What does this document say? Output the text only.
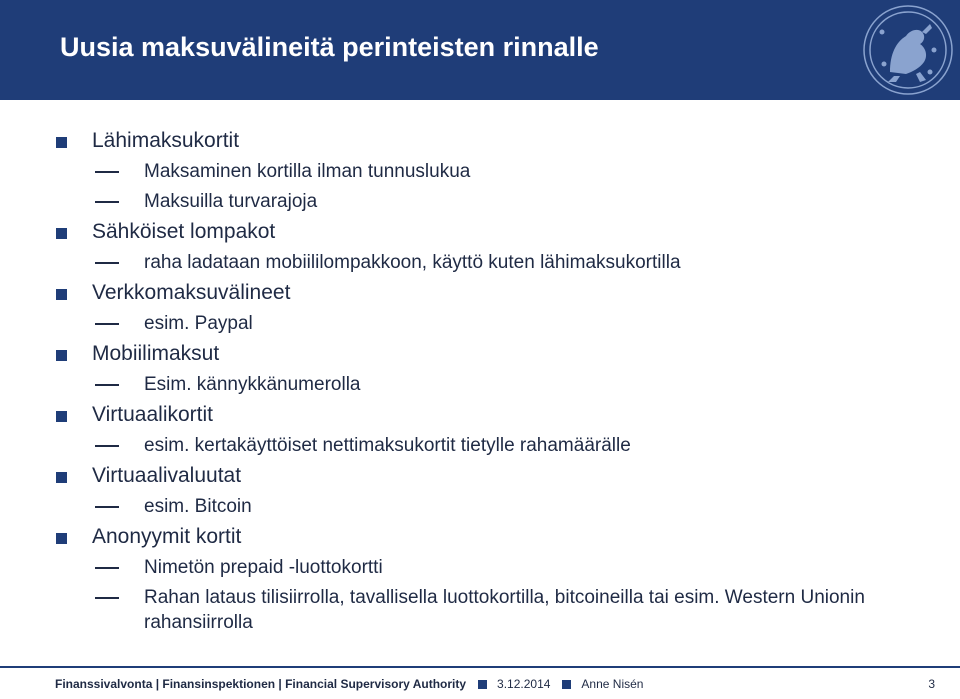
Uusia maksuvälineitä perinteisten rinnalle
Lähimaksukortit
Maksaminen kortilla ilman tunnuslukua
Maksuilla turvarajoja
Sähköiset lompakot
raha ladataan mobiililompakkoon, käyttö kuten lähimaksukortilla
Verkkomaksuvälineet
esim. Paypal
Mobiilimaksut
Esim. kännykkänumerolla
Virtuaalikortit
esim. kertakäyttöiset nettimaksukortit tietylle rahamäärälle
Virtuaalivaluutat
esim. Bitcoin
Anonyymit kortit
Nimetön prepaid -luottokortti
Rahan lataus tilisiirrolla, tavallisella luottokortilla, bitcoineilla tai esim. Western Unionin rahansiirrolla
Finanssivalvonta | Finansinspektionen | Financial Supervisory Authority	3.12.2014	Anne Nisén	3
